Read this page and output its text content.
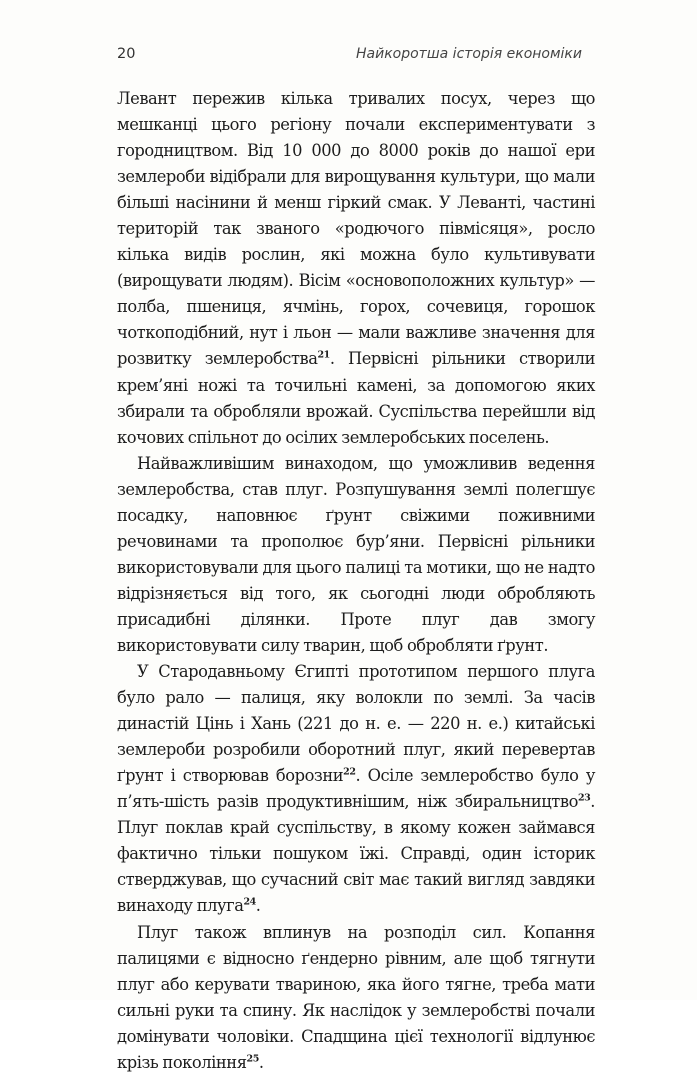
20	Найкоротша історія економіки

Левант пережив кілька тривалих посух, через що мешканці цього регіону почали експериментувати з городництвом. Від 10 000 до 8000 років до нашої ери землероби відібрали для вирощування культури, що мали більші насінини й менш гіркий смак. У Леванті, частині територій так званого «родючого півмісяця», росло кілька видів рослин, які можна було культивувати (вирощувати людям). Вісім «основоположних культур» — полба, пшениця, ячмінь, горох, сочевиця, горошок чоткоподібний, нут і льон — мали важливе значення для розвитку землеробства$^{21}$. Первісні рільники створили крем’яні ножі та точильні камені, за допомогою яких збирали та обробляли врожай. Суспільства перейшли від кочових спільнот до осілих землеробських поселень.

Найважливішим винаходом, що уможливив ведення землеробства, став плуг. Розпушування землі полегшує посадку, наповнює ґрунт свіжими поживними речовинами та прополює бур’яни. Первісні рільники використовували для цього палиці та мотики, що не надто відрізняється від того, як сьогодні люди обробляють присадибні ділянки. Проте плуг дав змогу використовувати силу тварин, щоб обробляти ґрунт.

У Стародавньому Єгипті прототипом першого плуга було рало — палиця, яку волокли по землі. За часів династій Цінь і Хань (221 до н. е. — 220 н. е.) китайські землероби розробили оборотний плуг, який перевертав ґрунт і створював борозни$^{22}$. Осіле землеробство було у п’ять-шість разів продуктивнішим, ніж збиральництво$^{23}$. Плуг поклав край суспільству, в якому кожен займався фактично тільки пошуком їжі. Справді, один історик стверджував, що сучасний світ має такий вигляд завдяки винаходу плуга$^{24}$.

Плуг також вплинув на розподіл сил. Копання палицями є відносно ґендерно рівним, але щоб тягнути плуг або керувати твариною, яка його тягне, треба мати сильні руки та спину. Як наслідок у землеробстві почали домінувати чоловіки. Спадщина цієї технології відлунює крізь покоління$^{25}$.
